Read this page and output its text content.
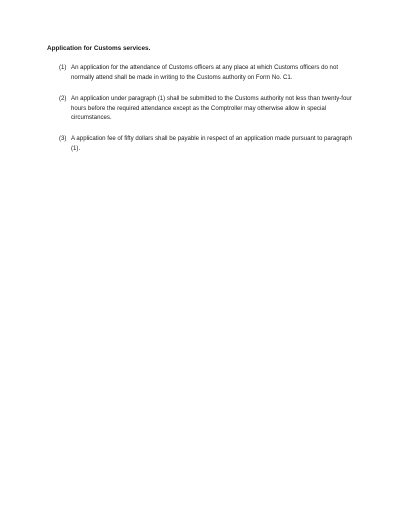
Application for Customs services.
(1) An application for the attendance of Customs officers at any place at which Customs officers do not normally attend shall be made in writing to the Customs authority on Form No. C1.
(2) An application under paragraph (1) shall be submitted to the Customs authority not less than twenty-four hours before the required attendance except as the Comptroller may otherwise allow in special circumstances.
(3) A application fee of fifty dollars shall be payable in respect of an application made pursuant to paragraph (1).
